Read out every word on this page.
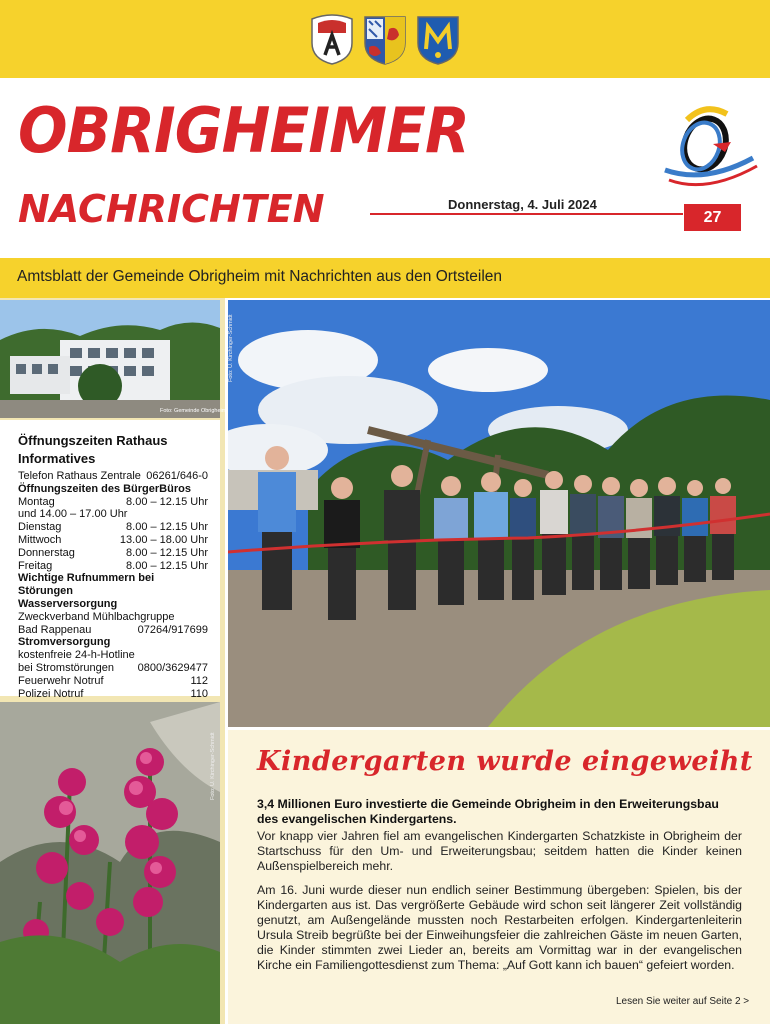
OBRIGHEIMER
NACHRICHTEN	Donnerstag, 4. Juli 2024
27
Amtsblatt der Gemeinde Obrigheim mit Nachrichten aus den Ortsteilen
Foto: Gemeinde Obrigheim
Öffnungszeiten Rathaus
Informatives
Telefon Rathaus Zentrale 06261/646-0
Öffnungszeiten des BürgerBüros
Montag	8.00 – 12.15 Uhr
und 14.00 – 17.00 Uhr
Dienstag	8.00 – 12.15 Uhr
Mittwoch	13.00 – 18.00 Uhr
Donnerstag	8.00 – 12.15 Uhr
Freitag	8.00 – 12.15 Uhr
Wichtige Rufnummern bei Störungen
Wasserversorgung
Zweckverband Mühlbachgruppe
Bad Rappenau	07264/917699
Stromversorgung
kostenfreie 24-h-Hotline
bei Stromstörungen 0800/3629477
Feuerwehr Notruf	112
Polizei Notruf	110
Foto: U. Kirchinger-Schmidt
Foto: U. Kirchinger-Schmidt
Kindergarten wurde eingeweiht
3,4 Millionen Euro investierte die Gemeinde Obrigheim in den Erweiterungsbau des evangelischen Kindergartens.
Vor knapp vier Jahren fiel am evangelischen Kindergarten Schatzkiste in Obrigheim der Startschuss für den Um- und Erweiterungsbau; seitdem hatten die Kinder keinen Außenspielbereich mehr.
Am 16. Juni wurde dieser nun endlich seiner Bestimmung übergeben: Spielen, bis der Kindergarten aus ist. Das vergrößerte Gebäude wird schon seit längerer Zeit vollständig genutzt, am Außengelände mussten noch Restarbeiten erfolgen. Kindergartenleiterin Ursula Streib begrüßte bei der Einweihungsfeier die zahlreichen Gäste im neuen Garten, die Kinder stimmten zwei Lieder an, bereits am Vormittag war in der evangelischen Kirche ein Familiengottesdienst zum Thema: „Auf Gott kann ich bauen“ gefeiert worden.
Lesen Sie weiter auf Seite 2 >
